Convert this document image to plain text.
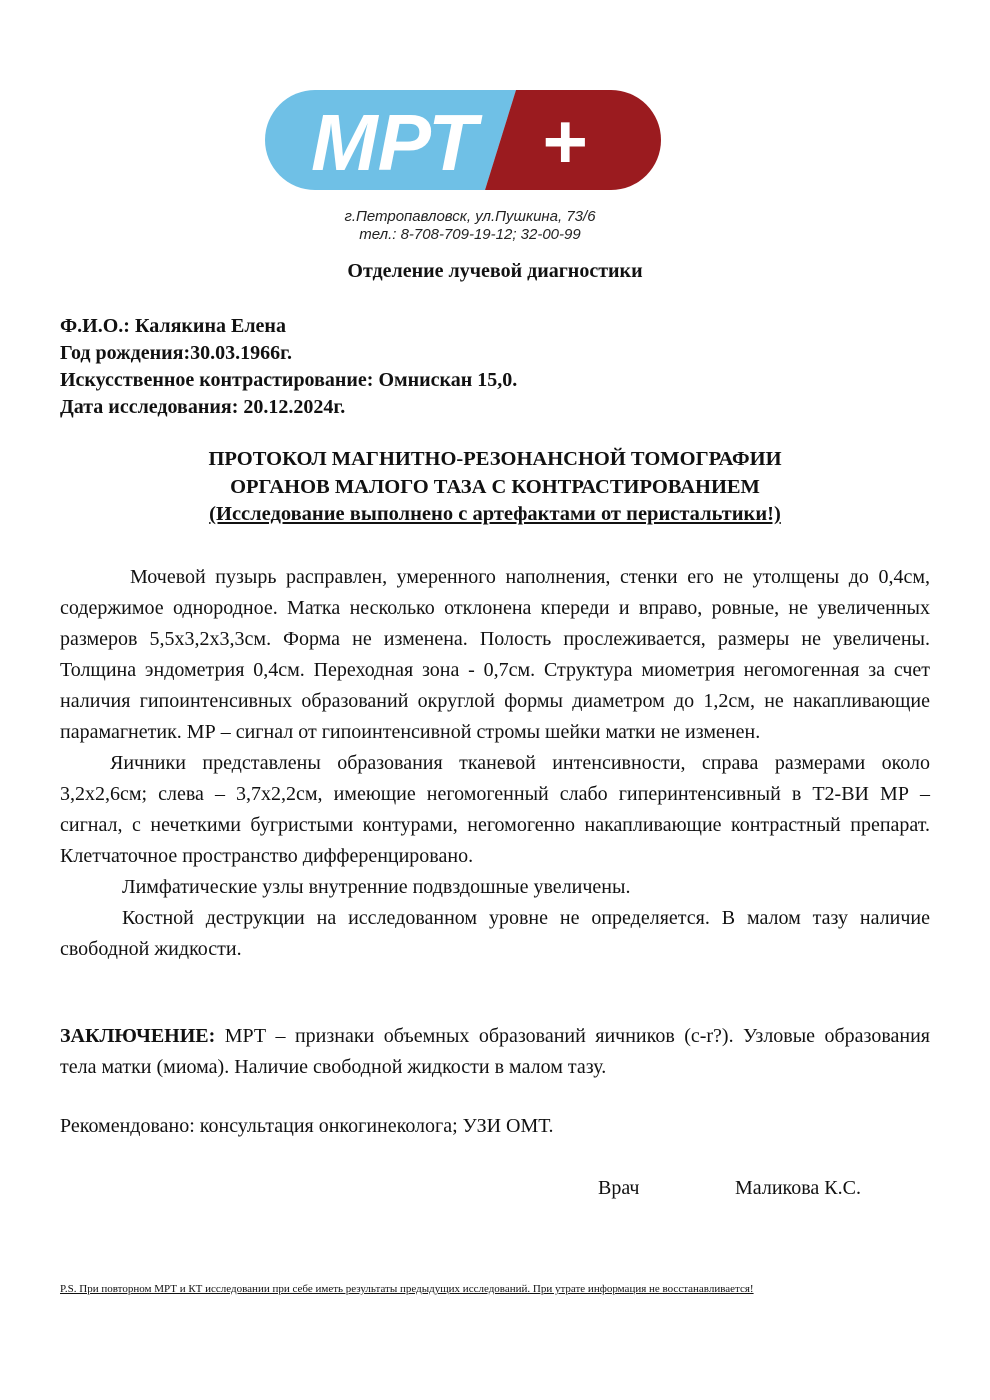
МРТ +
г.Петропавловск, ул.Пушкина, 73/6
тел.: 8-708-709-19-12; 32-00-99
Отделение лучевой диагностики
Ф.И.О.: Калякина Елена
Год рождения:30.03.1966г.
Искусственное контрастирование: Омнискан 15,0.
Дата исследования: 20.12.2024г.
ПРОТОКОЛ МАГНИТНО-РЕЗОНАНСНОЙ ТОМОГРАФИИ
ОРГАНОВ МАЛОГО ТАЗА С КОНТРАСТИРОВАНИЕМ
(Исследование выполнено с артефактами от перистальтики!)

Мочевой пузырь расправлен, умеренного наполнения, стенки его не утолщены до 0,4см, содержимое однородное. Матка несколько отклонена кпереди и вправо, ровные, не увеличенных размеров 5,5х3,2х3,3см. Форма не изменена. Полость прослеживается, размеры не увеличены. Толщина эндометрия 0,4см. Переходная зона - 0,7см. Структура миометрия негомогенная за счет наличия гипоинтенсивных образований округлой формы диаметром до 1,2см, не накапливающие парамагнетик. МР – сигнал от гипоинтенсивной стромы шейки матки не изменен.

Яичники представлены образования тканевой интенсивности, справа размерами около 3,2х2,6см; слева – 3,7х2,2см, имеющие негомогенный слабо гиперинтенсивный в Т2-ВИ МР – сигнал, с нечеткими бугристыми контурами, негомогенно накапливающие контрастный препарат. Клетчаточное пространство дифференцировано.

Лимфатические узлы внутренние подвздошные увеличены.

Костной деструкции на исследованном уровне не определяется. В малом тазу наличие свободной жидкости.

ЗАКЛЮЧЕНИЕ: МРТ – признаки объемных образований яичников (с-r?). Узловые образования тела матки (миома). Наличие свободной жидкости в малом тазу.
Рекомендовано: консультация онкогинеколога; УЗИ ОМТ.
Врач	Маликова К.С.
P.S. При повторном МРТ и КТ исследовании при себе иметь результаты предыдущих исследований. При утрате информация не восстанавливается!
